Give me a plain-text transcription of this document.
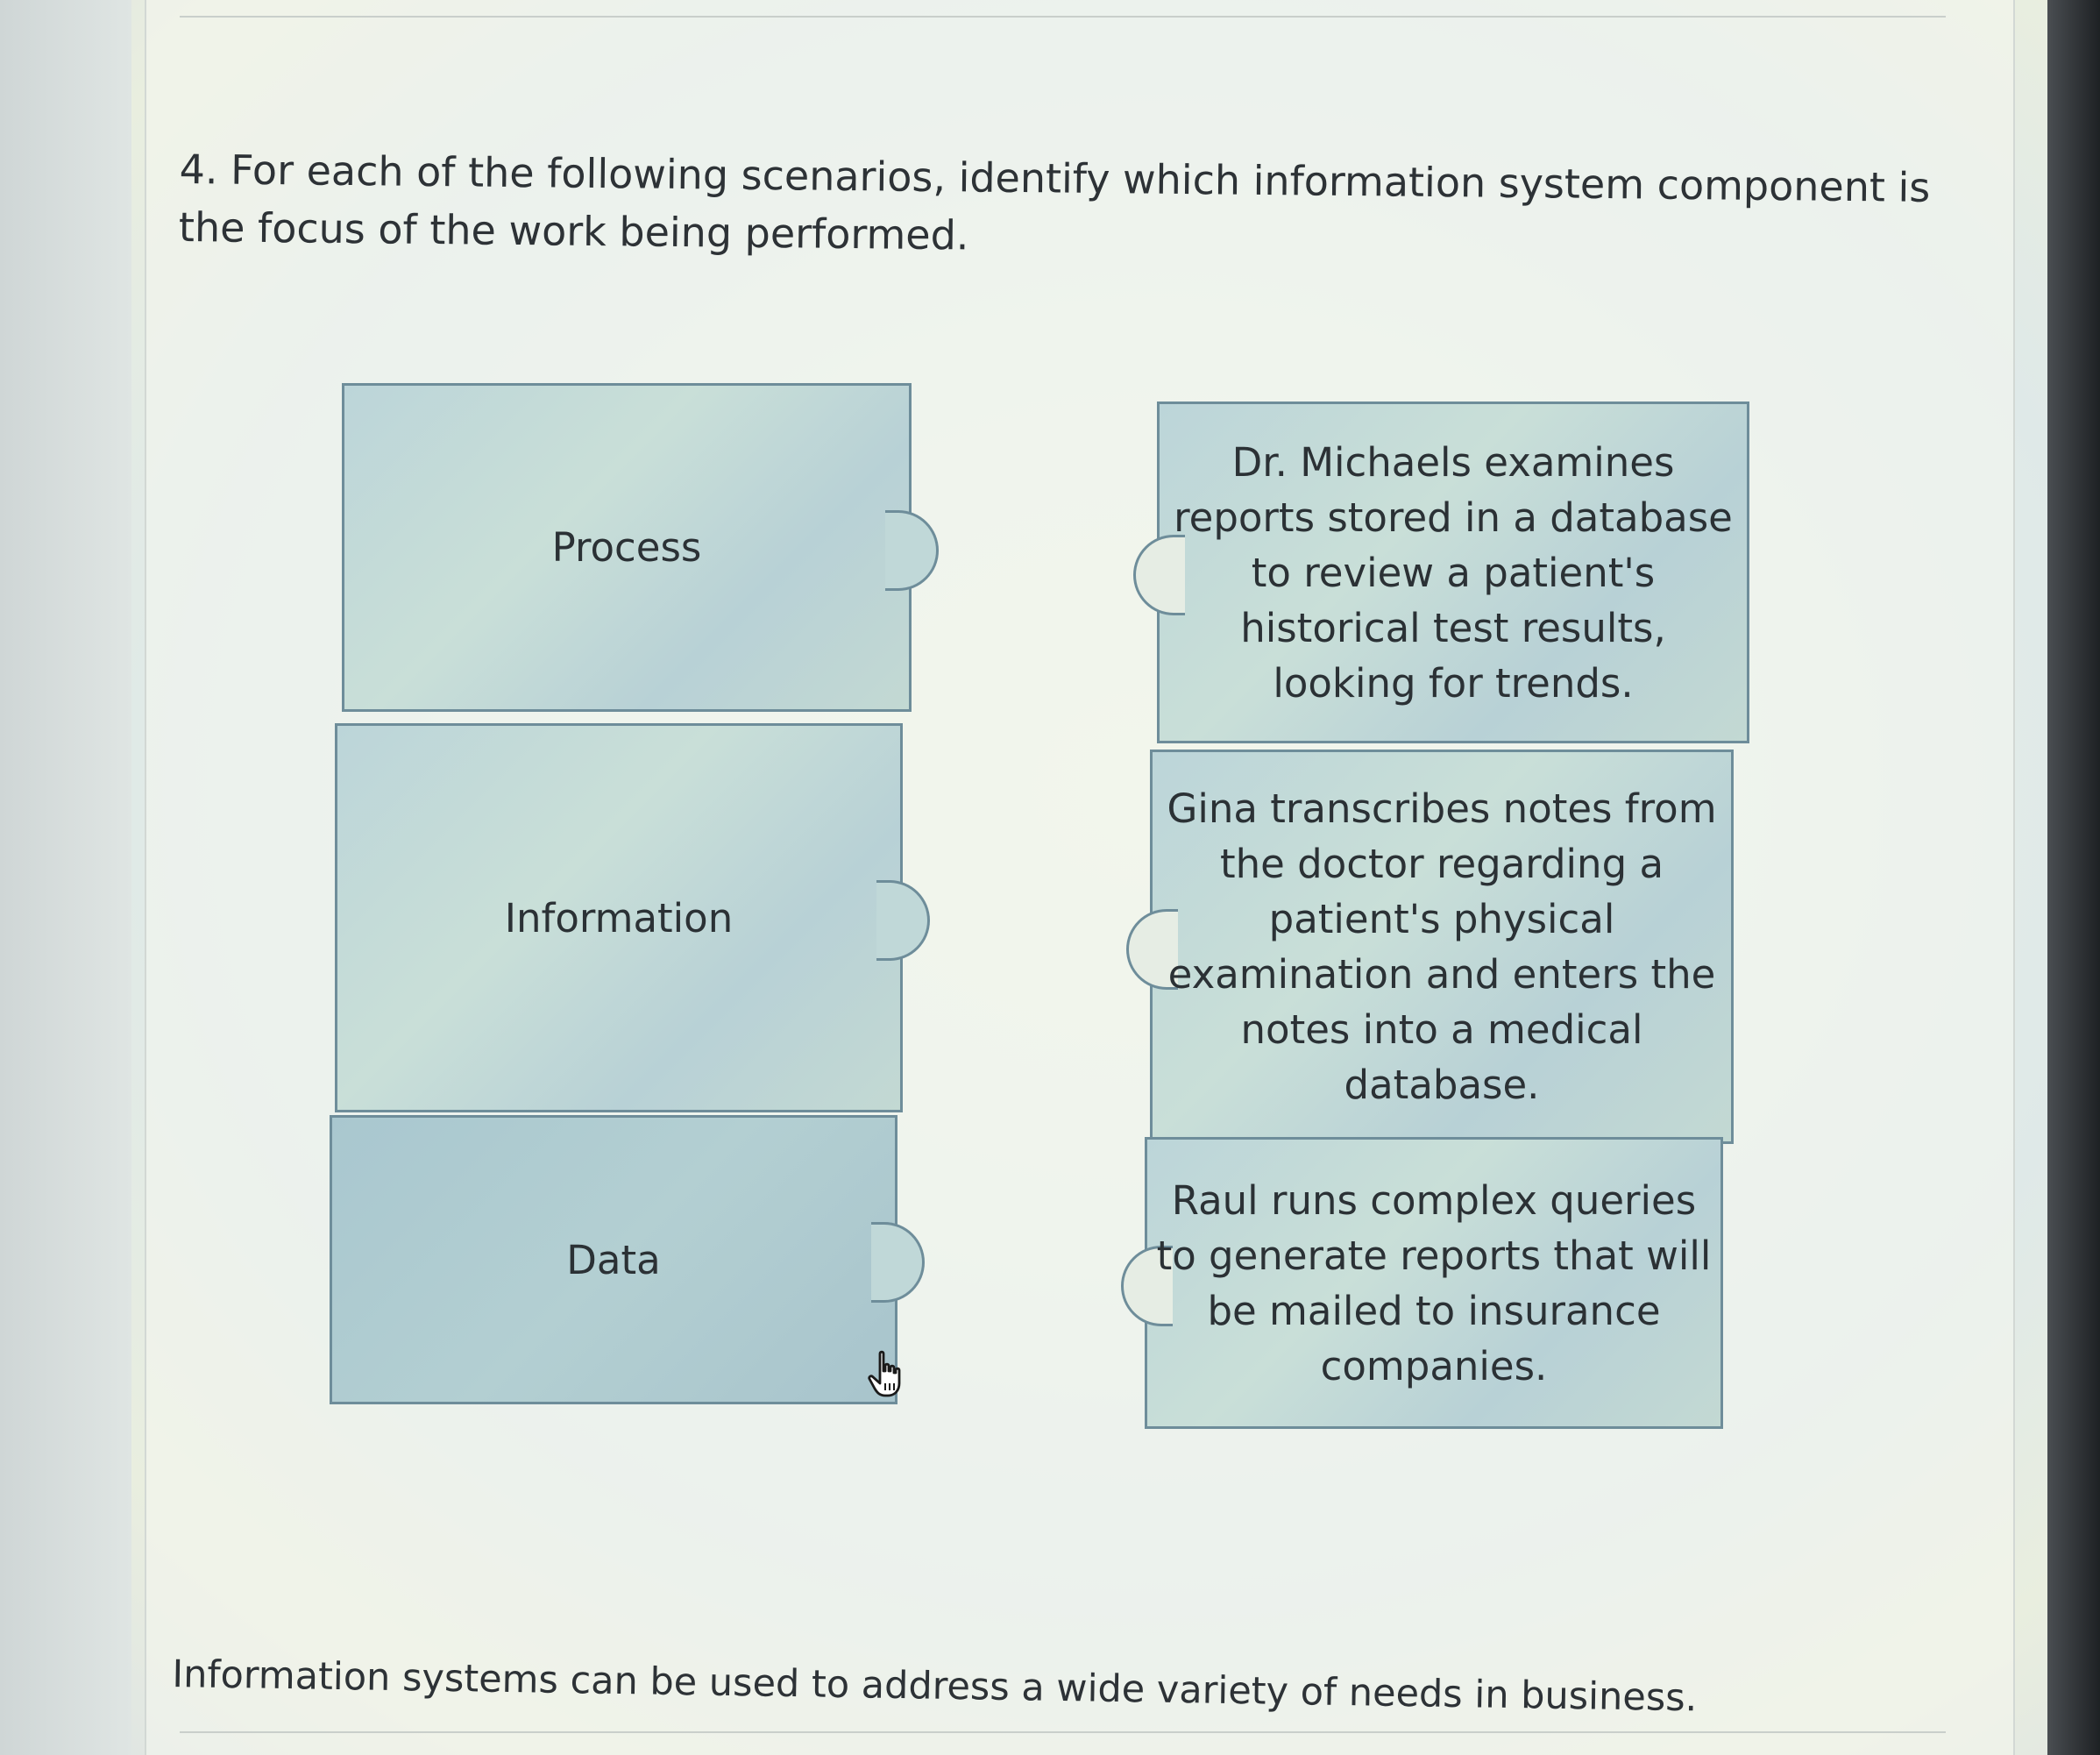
4. For each of the following scenarios, identify which information system component is the focus of the work being performed.
Process
Information
Data
Dr. Michaels examines reports stored in a database to review a patient's historical test results, looking for trends.
Gina transcribes notes from the doctor regarding a patient's physical examination and enters the notes into a medical database.
Raul runs complex queries to generate reports that will be mailed to insurance companies.
Information systems can be used to address a wide variety of needs in business.
